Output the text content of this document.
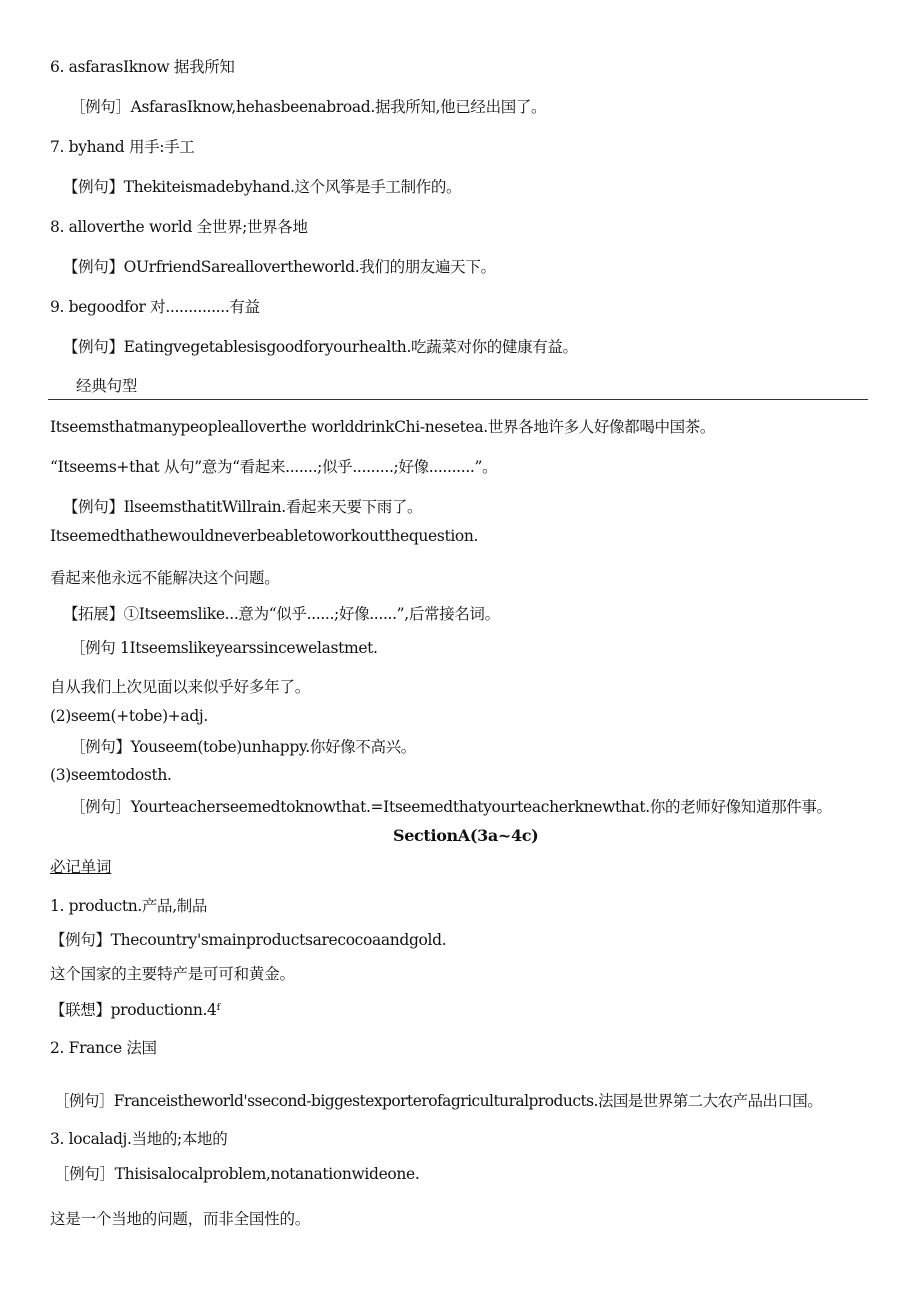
6. asfarasIknow 据我所知
［例句］AsfarasIknow,hehasbeenabroad.据我所知,他已经出国了。
7. byhand 用手:手工
【例句】Thekiteismadebyhand.这个风筝是手工制作的。
8. alloverthe world 全世界;世界各地
【例句】OUrfriendSareallovertheworld.我们的朋友遍天下。
9. begoodfor 对..............有益
【例句】Eatingvegetablesisgoodforyourhealth.吃蔬菜对你的健康有益。
经典句型
Itseemsthatmanypeoplealloverthe worlddrinkChi-nesetea.世界各地许多人好像都喝中国茶。
“Itseems+that 从句”意为“看起来.......;似乎.........;好像..........”。
【例句】IlseemsthatitWillrain.看起来天要下雨了。
Itseemedthathewouldneverbeabletoworkoutthequestion.
看起来他永远不能解决这个问题。
【拓展】①Itseemslike...意为“似乎......;好像......”,后常接名词。
［例句 1Itseemslikeyearssincewelastmet.
自从我们上次见面以来似乎好多年了。
(2)seem(+tobe)+adj.
［例句】Youseem(tobe)unhappy.你好像不高兴。
(3)seemtodosth.
［例句］Yourteacherseemedtoknowthat.=Itseemedthatyourteacherknewthat.你的老师好像知道那件事。
SectionA(3a~4c)
必记单词
1. productn.产品,制品
【例句】Thecountry'smainproductsarecocoaandgold.
这个国家的主要特产是可可和黄金。
【联想】productionn.4ᶠ
2. France 法国
［例句］Franceistheworld'ssecond-biggestexporterofagriculturalproducts.法国是世界第二大农产品出口国。
3. localadj.当地的;本地的
［例句］Thisisalocalproblem,notanationwideone.
这是一个当地的问题，而非全国性的。
